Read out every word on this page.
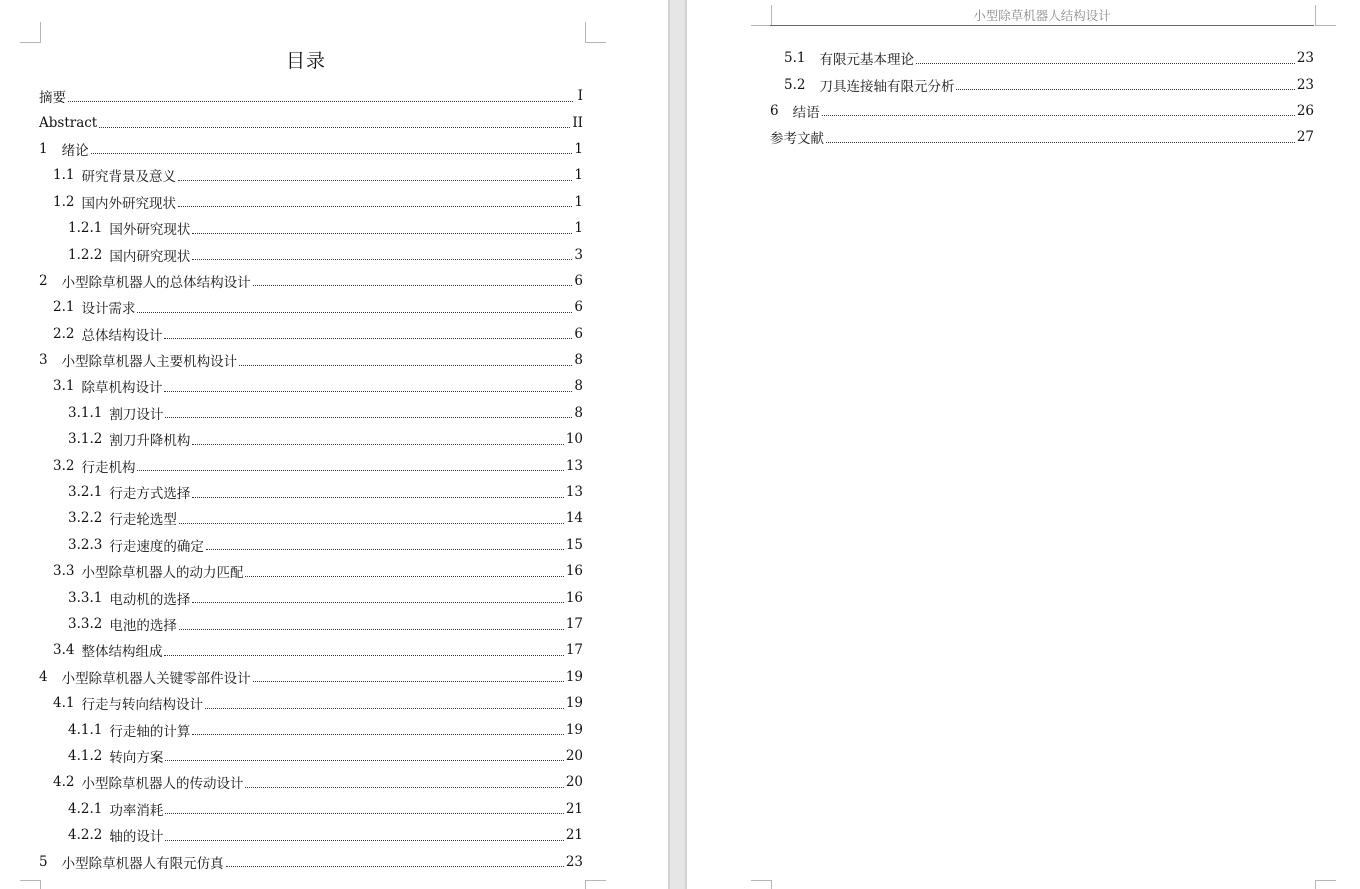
目录
小型除草机器人结构设计
摘要	I
Abstract	II
1 绪论	1
1.1 研究背景及意义	1
1.2 国内外研究现状	1
1.2.1 国外研究现状	1
1.2.2 国内研究现状	3
2 小型除草机器人的总体结构设计	6
2.1 设计需求	6
2.2 总体结构设计	6
3 小型除草机器人主要机构设计	8
3.1 除草机构设计	8
3.1.1 割刀设计	8
3.1.2 割刀升降机构	10
3.2 行走机构	13
3.2.1 行走方式选择	13
3.2.2 行走轮选型	14
3.2.3 行走速度的确定	15
3.3 小型除草机器人的动力匹配	16
3.3.1 电动机的选择	16
3.3.2 电池的选择	17
3.4 整体结构组成	17
4 小型除草机器人关键零部件设计	19
4.1 行走与转向结构设计	19
4.1.1 行走轴的计算	19
4.1.2 转向方案	20
4.2 小型除草机器人的传动设计	20
4.2.1 功率消耗	21
4.2.2 轴的设计	21
5 小型除草机器人有限元仿真	23
5.1 有限元基本理论	23
5.2 刀具连接轴有限元分析	23
6 结语	26
参考文献	27
